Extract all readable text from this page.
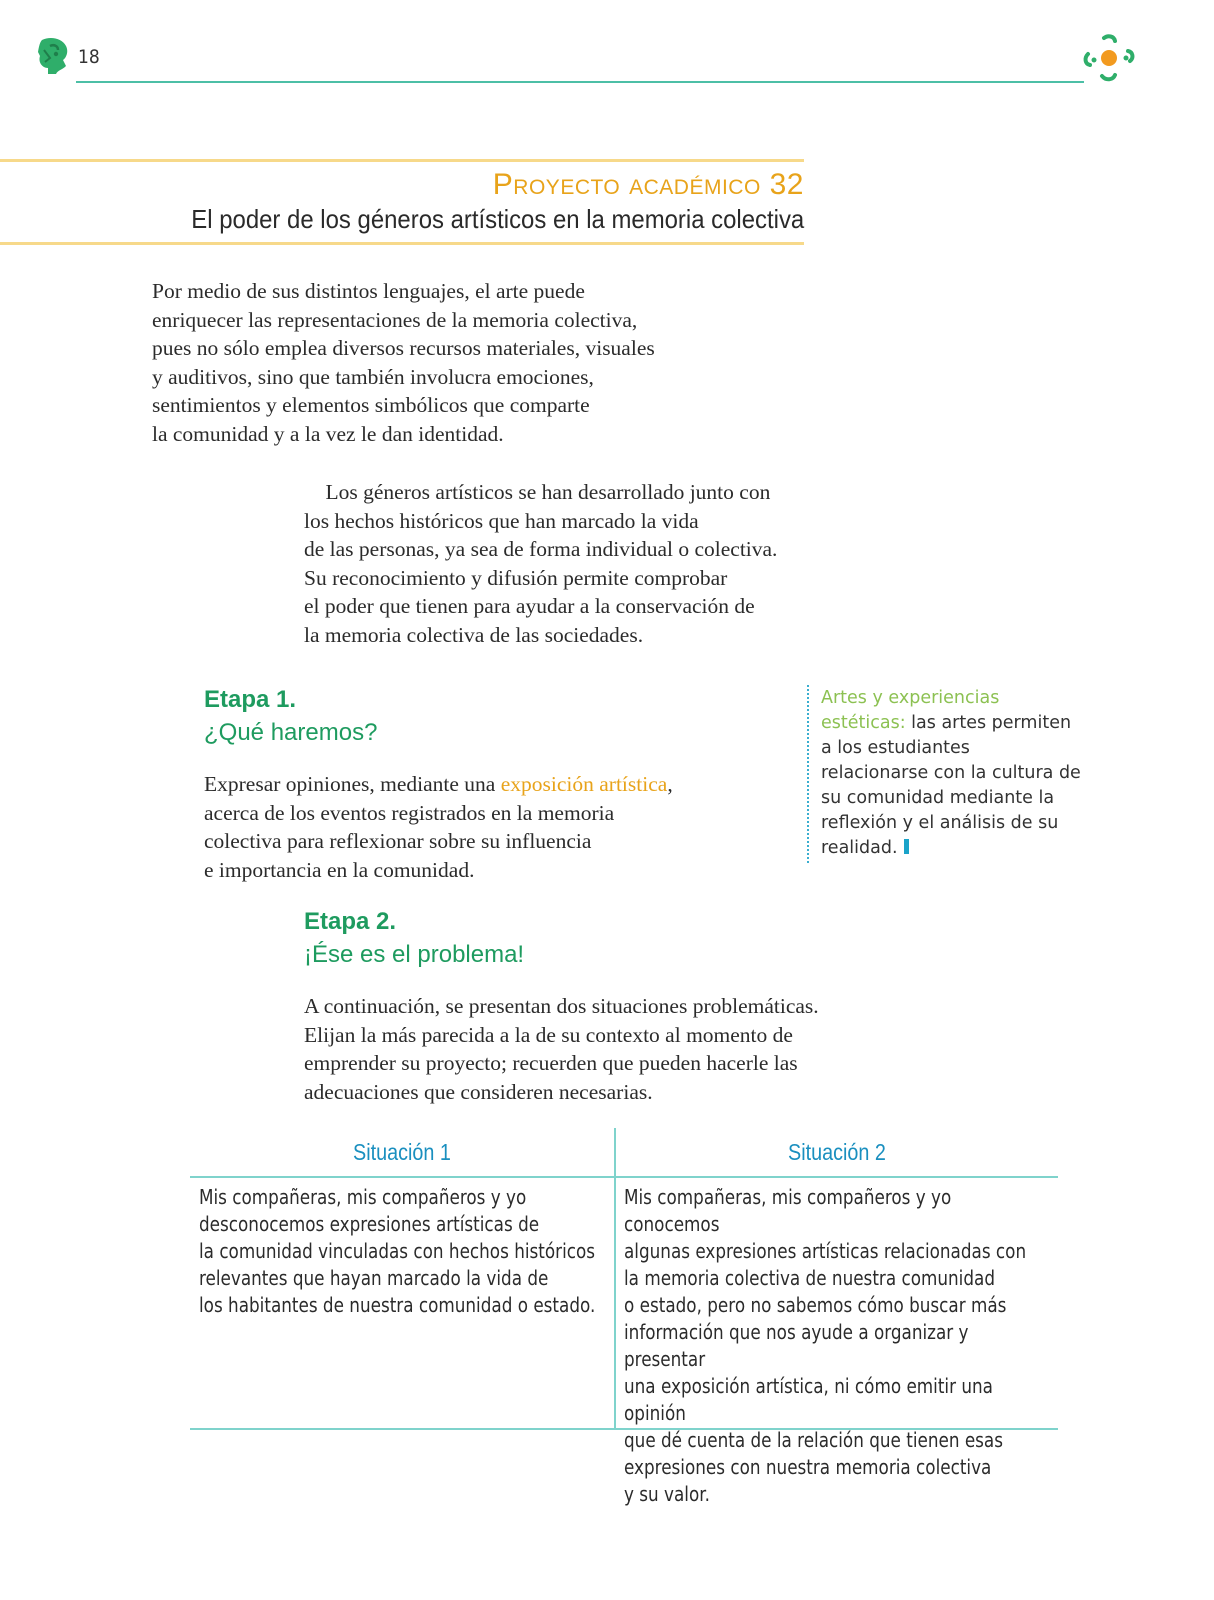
18
Proyecto académico 32
El poder de los géneros artísticos en la memoria colectiva
Por medio de sus distintos lenguajes, el arte puede
enriquecer las representaciones de la memoria colectiva,
pues no sólo emplea diversos recursos materiales, visuales
y auditivos, sino que también involucra emociones,
sentimientos y elementos simbólicos que comparte
la comunidad y a la vez le dan identidad.
Los géneros artísticos se han desarrollado junto con
los hechos históricos que han marcado la vida
de las personas, ya sea de forma individual o colectiva.
Su reconocimiento y difusión permite comprobar
el poder que tienen para ayudar a la conservación de
la memoria colectiva de las sociedades.
Etapa 1.
¿Qué haremos?
Expresar opiniones, mediante una exposición artística,
acerca de los eventos registrados en la memoria
colectiva para reflexionar sobre su influencia
e importancia en la comunidad.
Artes y experiencias estéticas: las artes permiten a los estudiantes relacionarse con la cultura de su comunidad mediante la reflexión y el análisis de su realidad.
Etapa 2.
¡Ése es el problema!
A continuación, se presentan dos situaciones problemáticas.
Elijan la más parecida a la de su contexto al momento de
emprender su proyecto; recuerden que pueden hacerle las
adecuaciones que consideren necesarias.
Situación 1	Situación 2
Mis compañeras, mis compañeros y yo
desconocemos expresiones artísticas de
la comunidad vinculadas con hechos históricos
relevantes que hayan marcado la vida de
los habitantes de nuestra comunidad o estado.
Mis compañeras, mis compañeros y yo conocemos
algunas expresiones artísticas relacionadas con
la memoria colectiva de nuestra comunidad
o estado, pero no sabemos cómo buscar más
información que nos ayude a organizar y presentar
una exposición artística, ni cómo emitir una opinión
que dé cuenta de la relación que tienen esas
expresiones con nuestra memoria colectiva
y su valor.
